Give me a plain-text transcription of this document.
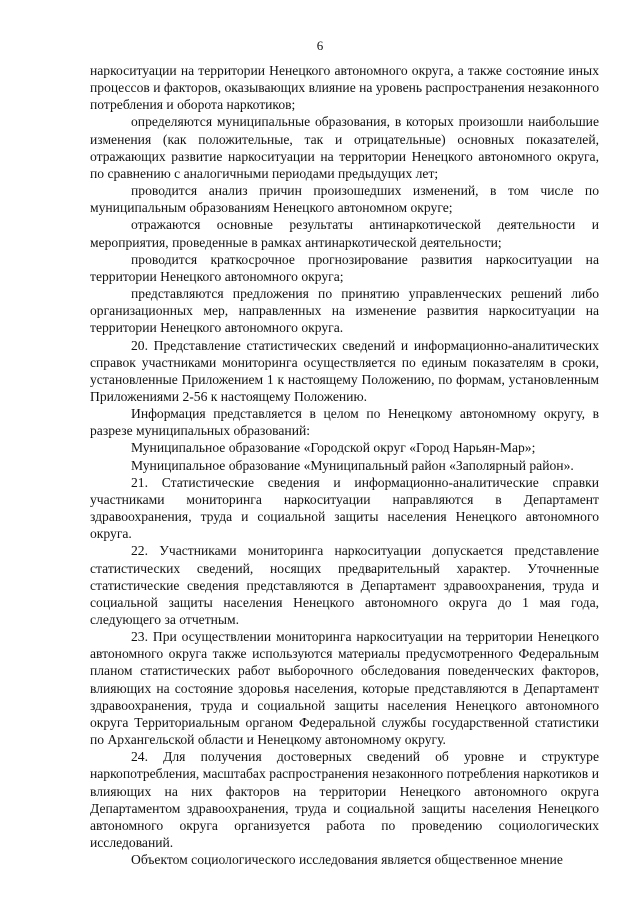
6

наркоситуации на территории Ненецкого автономного округа, а также состояние иных процессов и факторов, оказывающих влияние на уровень распространения незаконного потребления и оборота наркотиков;

определяются муниципальные образования, в которых произошли наибольшие изменения (как положительные, так и отрицательные) основных показателей, отражающих развитие наркоситуации на территории Ненецкого автономного округа, по сравнению с аналогичными периодами предыдущих лет;

проводится анализ причин произошедших изменений, в том числе по муниципальным образованиям Ненецкого автономном округе;

отражаются основные результаты антинаркотической деятельности и мероприятия, проведенные в рамках антинаркотической деятельности;

проводится краткосрочное прогнозирование развития наркоситуации на территории Ненецкого автономного округа;

представляются предложения по принятию управленческих решений либо организационных мер, направленных на изменение развития наркоситуации на территории Ненецкого автономного округа.

20. Представление статистических сведений и информационно-аналитических справок участниками мониторинга осуществляется по единым показателям в сроки, установленные Приложением 1 к настоящему Положению, по формам, установленным Приложениями 2-56 к настоящему Положению.

Информация представляется в целом по Ненецкому автономному округу, в разрезе муниципальных образований:

Муниципальное образование «Городской округ «Город Нарьян-Мар»;

Муниципальное образование «Муниципальный район «Заполярный район».

21. Статистические сведения и информационно-аналитические справки участниками мониторинга наркоситуации направляются в Департамент здравоохранения, труда и социальной защиты населения Ненецкого автономного округа.

22. Участниками мониторинга наркоситуации допускается представление статистических сведений, носящих предварительный характер. Уточненные статистические сведения представляются в Департамент здравоохранения, труда и социальной защиты населения Ненецкого автономного округа до 1 мая года, следующего за отчетным.

23. При осуществлении мониторинга наркоситуации на территории Ненецкого автономного округа также используются материалы предусмотренного Федеральным планом статистических работ выборочного обследования поведенческих факторов, влияющих на состояние здоровья населения, которые представляются в Департамент здравоохранения, труда и социальной защиты населения Ненецкого автономного округа Территориальным органом Федеральной службы государственной статистики по Архангельской области и Ненецкому автономному округу.

24. Для получения достоверных сведений об уровне и структуре наркопотребления, масштабах распространения незаконного потребления наркотиков и влияющих на них факторов на территории Ненецкого автономного округа Департаментом здравоохранения, труда и социальной защиты населения Ненецкого автономного округа организуется работа по проведению социологических исследований.

Объектом социологического исследования является общественное мнение
